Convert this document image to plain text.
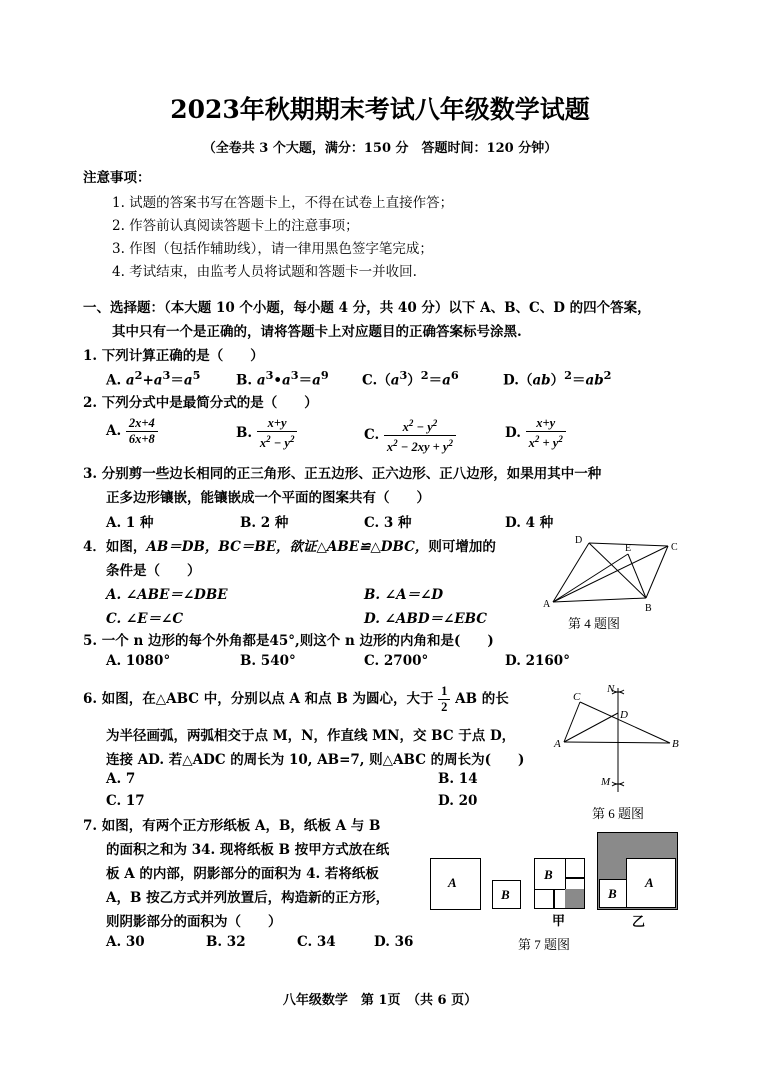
2023年秋期期末考试八年级数学试题
（全卷共 3 个大题，满分：150 分　答题时间：120 分钟）
注意事项：
1. 试题的答案书写在答题卡上，不得在试卷上直接作答；
2. 作答前认真阅读答题卡上的注意事项；
3. 作图（包括作辅助线），请一律用黑色签字笔完成；
4. 考试结束，由监考人员将试题和答题卡一并收回.
一、选择题：（本大题 10 个小题，每小题 4 分，共 40 分）以下 A、B、C、D 的四个答案，
其中只有一个是正确的，请将答题卡上对应题目的正确答案标号涂黑.
1. 下列计算正确的是（　　）
A. $a^2+a^3=a^5$	B. $a^3•a^3=a^9$ $C.(a^3)^2=a^6$	$D.(ab)^2=ab^2$
2. 下列分式中是最简分式的是（　　）
A. $\frac{2x+4}{6x+8}$	B. $\frac{x+y}{x^2 - y^2}$	C. $\frac{x^2 - y^2}{x^2 - 2xy + y^2}$	D. $\frac{x+y}{x^2 + y^2}$
3. 分别剪一些边长相同的正三角形、正五边形、正六边形、正八边形，如果用其中一种
正多边形镶嵌，能镶嵌成一个平面的图案共有（　　）
A. 1 种	B. 2 种	C. 3 种	D. 4 种
4．如图，AB＝DB，BC＝BE，欲证△ABE≌△DBC，则可增加的
条件是（　　）
A. ∠ABE＝∠DBE	B. ∠A＝∠D
C. ∠E＝∠C	D. ∠ABD＝∠EBC
D
E	C
A	B
第 4 题图
5. 一个 n 边形的每个外角都是45°,则这个 n 边形的内角和是(　　)
A. 1080°	B. 540°	C. 2700°	D. 2160°
6. 如图，在△ABC 中，分别以点 A 和点 B 为圆心，大于 $\frac{1}{2}$ AB 的长
为半径画弧，两弧相交于点 M，N，作直线 MN，交 BC 于点 D，
连接 AD. 若△ADC 的周长为 10, AB=7, 则△ABC 的周长为(　　)
A. 7	B. 14
C. 17	D. 20
C
N
D
A	B
M
第 6 题图
7. 如图，有两个正方形纸板 A，B，纸板 A 与 B
的面积之和为 34. 现将纸板 B 按甲方式放在纸
板 A 的内部，阴影部分的面积为 4. 若将纸板
A，B 按乙方式并列放置后，构造新的正方形，
则阴影部分的面积为（　　）
A. 30	B. 32	C. 34	D. 36
A
B
B
甲
B
A
乙
第 7 题图
八年级数学　第 1页　（共 6 页）
